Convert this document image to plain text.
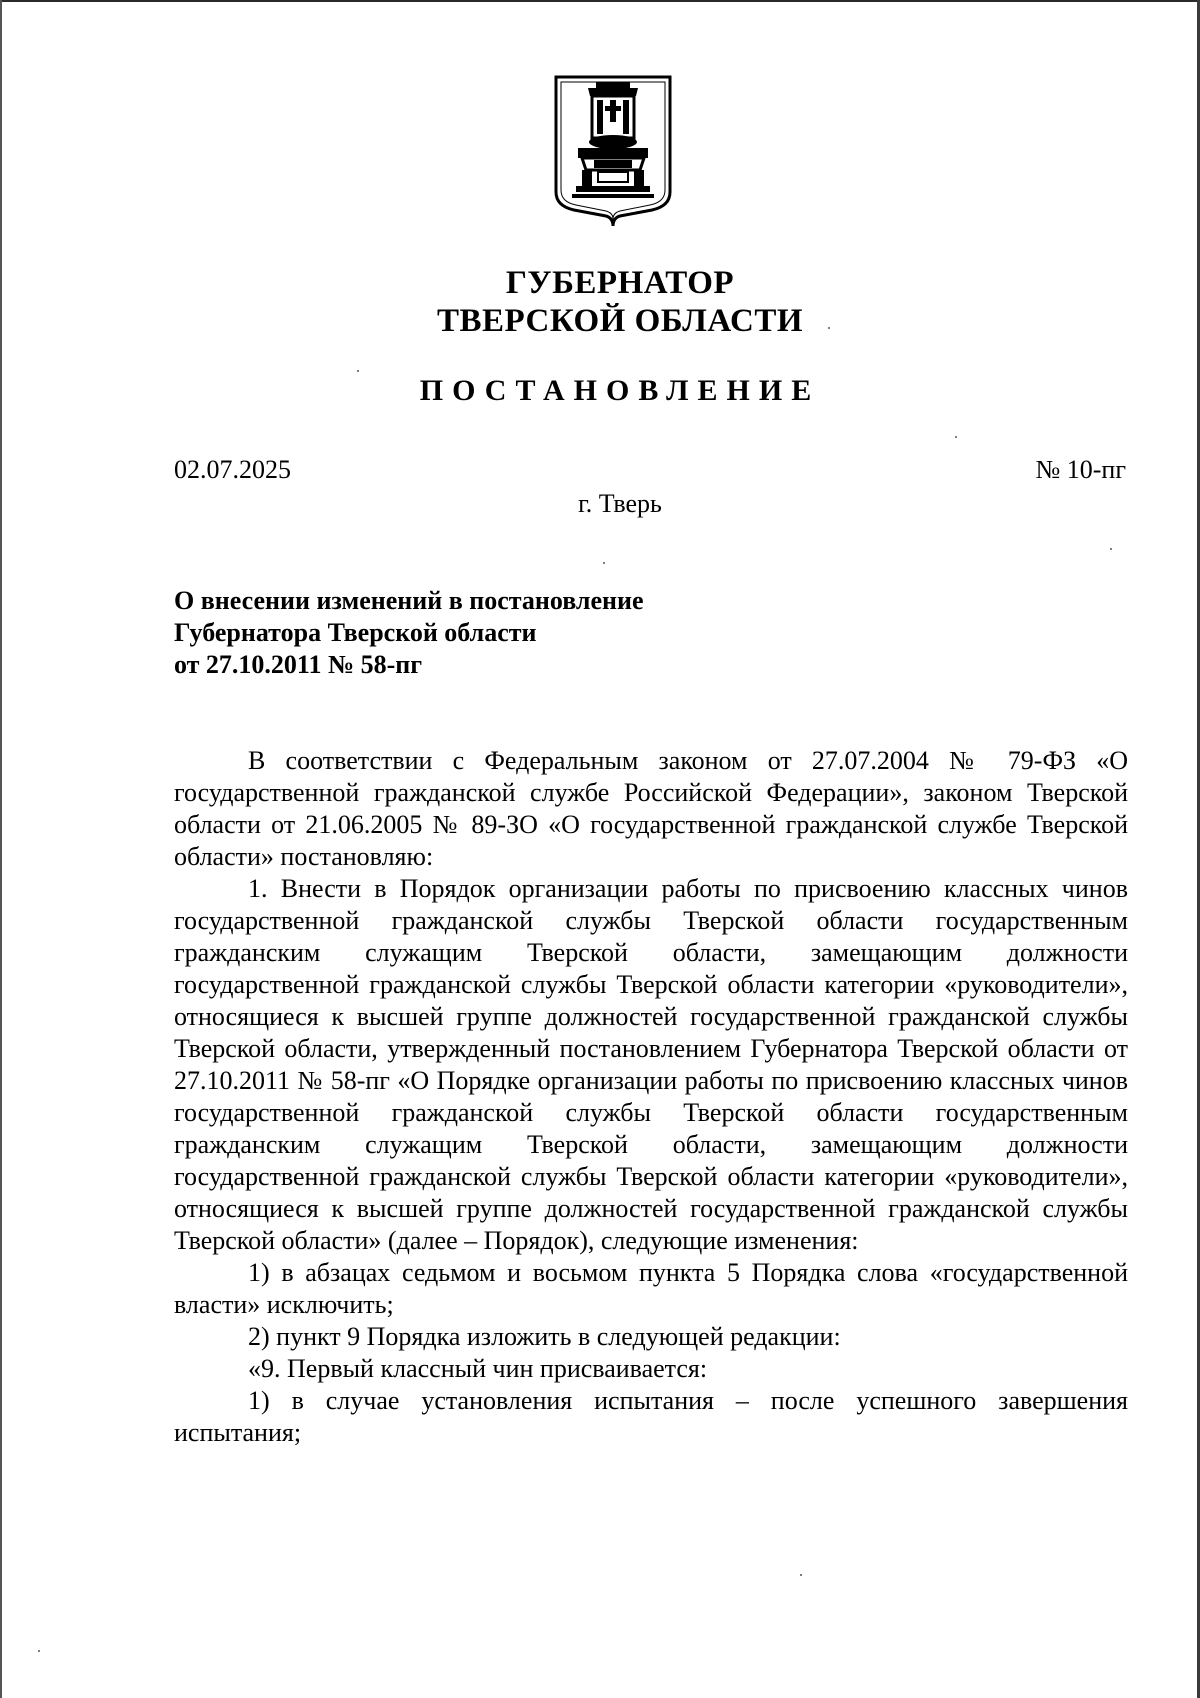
ГУБЕРНАТОР
ТВЕРСКОЙ ОБЛАСТИ
ПОСТАНОВЛЕНИЕ
02.07.2025	№ 10-пг
г. Тверь
О внесении изменений в постановление
Губернатора Тверской области
от 27.10.2011 № 58-пг

В соответствии с Федеральным законом от 27.07.2004 № 79-ФЗ «О государственной гражданской службе Российской Федерации», законом Тверской области от 21.06.2005 № 89-ЗО «О государственной гражданской службе Тверской области» постановляю:

1. Внести в Порядок организации работы по присвоению классных чинов государственной гражданской службы Тверской области государственным гражданским служащим Тверской области, замещающим должности государственной гражданской службы Тверской области категории «руководители», относящиеся к высшей группе должностей государственной гражданской службы Тверской области, утвержденный постановлением Губернатора Тверской области от 27.10.2011 № 58-пг «О Порядке организации работы по присвоению классных чинов государственной гражданской службы Тверской области государственным гражданским служащим Тверской области, замещающим должности государственной гражданской службы Тверской области категории «руководители», относящиеся к высшей группе должностей государственной гражданской службы Тверской области» (далее – Порядок), следующие изменения:

1) в абзацах седьмом и восьмом пункта 5 Порядка слова «государственной власти» исключить;

2) пункт 9 Порядка изложить в следующей редакции:

«9. Первый классный чин присваивается:

1) в случае установления испытания – после успешного завершения испытания;
